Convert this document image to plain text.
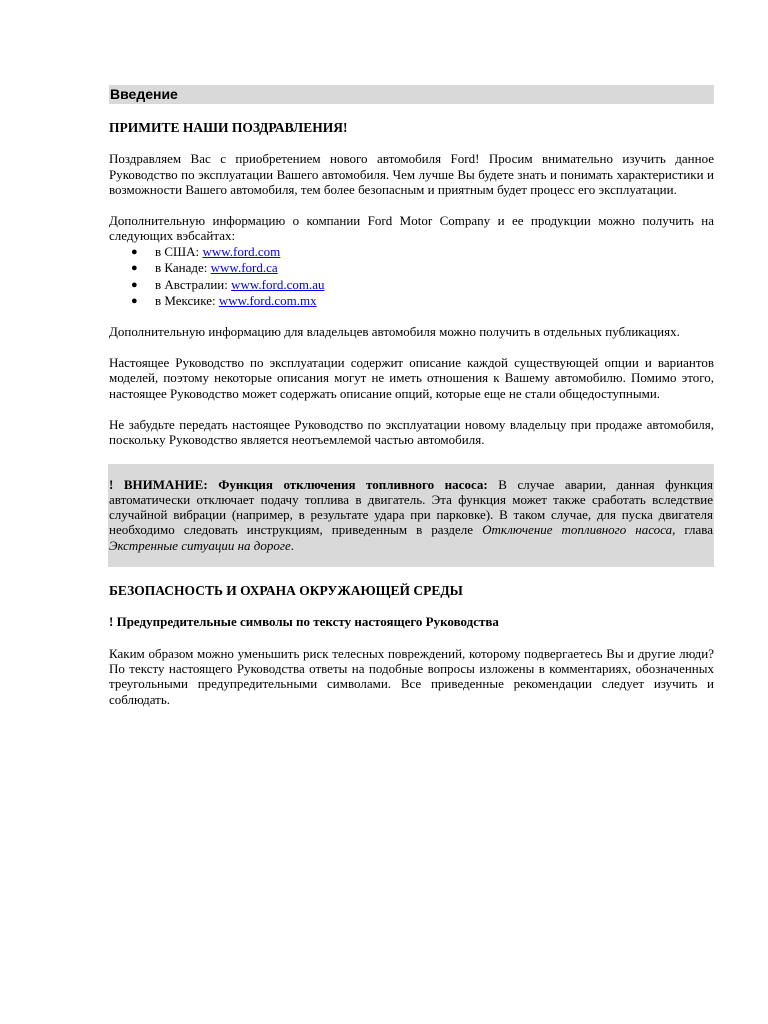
Введение

ПРИМИТЕ НАШИ ПОЗДРАВЛЕНИЯ!

Поздравляем Вас с приобретением нового автомобиля Ford! Просим внимательно изучить данное Руководство по эксплуатации Вашего автомобиля. Чем лучше Вы будете знать и понимать характеристики и возможности Вашего автомобиля, тем более безопасным и приятным будет процесс его эксплуатации.

Дополнительную информацию о компании Ford Motor Company и ее продукции можно получить на следующих вэбсайтах:

● в США: www.ford.com
● в Канаде: www.ford.ca
● в Австралии: www.ford.com.au
● в Мексике: www.ford.com.mx

Дополнительную информацию для владельцев автомобиля можно получить в отдельных публикациях.

Настоящее Руководство по эксплуатации содержит описание каждой существующей опции и вариантов моделей, поэтому некоторые описания могут не иметь отношения к Вашему автомобилю. Помимо этого, настоящее Руководство может содержать описание опций, которые еще не стали общедоступными.

Не забудьте передать настоящее Руководство по эксплуатации новому владельцу при продаже автомобиля, поскольку Руководство является неотъемлемой частью автомобиля.

! ВНИМАНИЕ: Функция отключения топливного насоса: В случае аварии, данная функция автоматически отключает подачу топлива в двигатель. Эта функция может также сработать вследствие случайной вибрации (например, в результате удара при парковке). В таком случае, для пуска двигателя необходимо следовать инструкциям, приведенным в разделе Отключение топливного насоса, глава Экстренные ситуации на дороге.

БЕЗОПАСНОСТЬ И ОХРАНА ОКРУЖАЮЩЕЙ СРЕДЫ

! Предупредительные символы по тексту настоящего Руководства

Каким образом можно уменьшить риск телесных повреждений, которому подвергаетесь Вы и другие люди? По тексту настоящего Руководства ответы на подобные вопросы изложены в комментариях, обозначенных треугольными предупредительными символами. Все приведенные рекомендации следует изучить и соблюдать.
